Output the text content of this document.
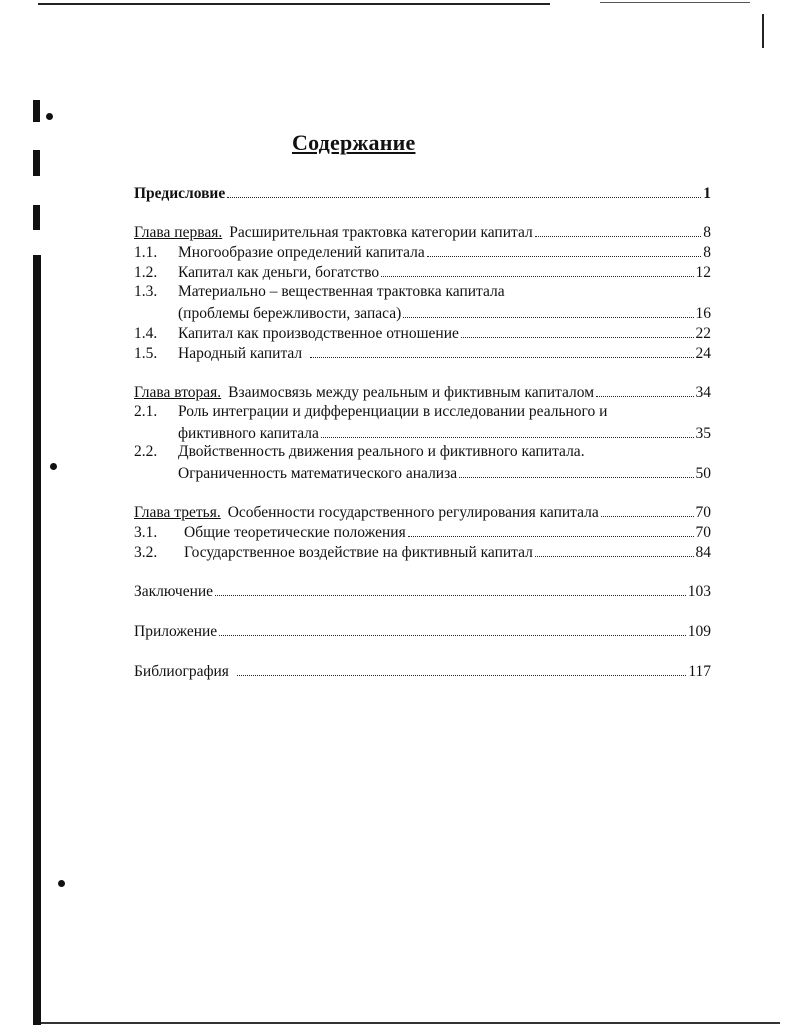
Содержание
Предисловие	1
Глава первая. Расширительная трактовка категории капитал	8
1.1.	Многообразие определений капитала	8
1.2.	Капитал как деньги, богатство	12
1.3.	Материально – вещественная трактовка капитала
(проблемы бережливости, запаса)	16
1.4.	Капитал как производственное отношение	22
1.5.	Народный капитал	24
Глава вторая. Взаимосвязь между реальным и фиктивным капиталом	34
2.1.	Роль интеграции и дифференциации в исследовании реального и
фиктивного капитала	35
2.2.	Двойственность движения реального и фиктивного капитала.
Ограниченность математического анализа	50
Глава третья. Особенности государственного регулирования капитала	70
3.1.	Общие теоретические положения	70
3.2.	Государственное воздействие на фиктивный капитал	84
Заключение	103
Приложение	109
Библиография	117
